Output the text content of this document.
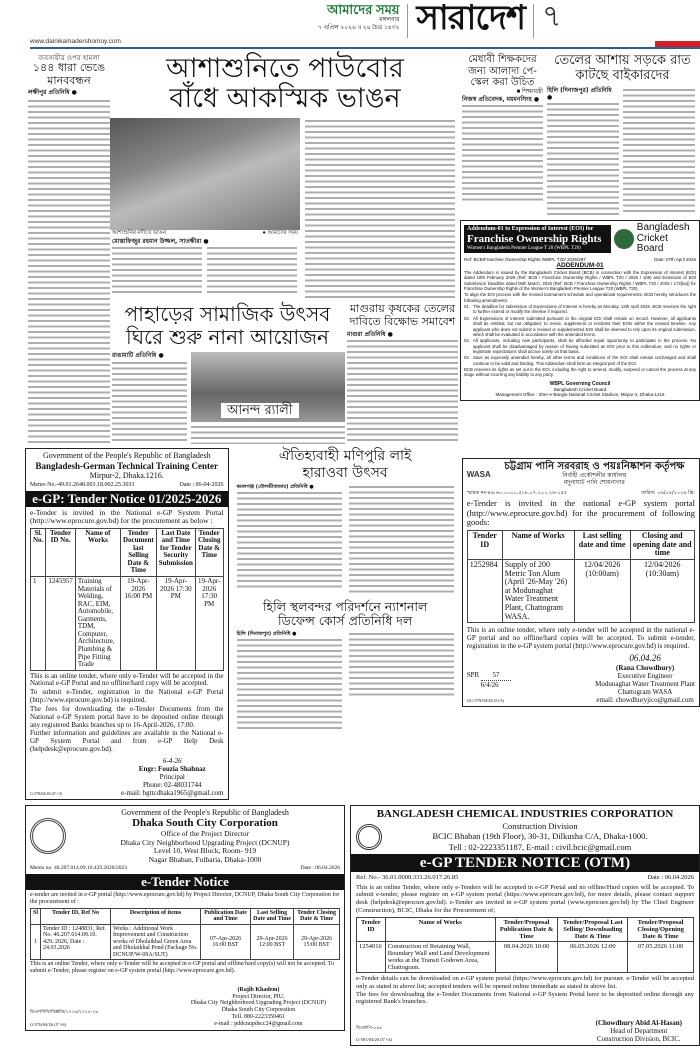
আমাদের সময়
মঙ্গলবার
৭ এপ্রিল ২০২৬ ॥ ২৪ চৈত্র ১৪৩২ সারাদেশ ৭
www.dainikamadershomoy.com
ব্যবসায়ীর ওপর হামলা
১৪৪ ধারা ভেঙে মানববন্ধন
লক্ষীপুর প্রতিনিধি ●
আশাশুনিতে পাউবোর
বাঁধে আকস্মিক ভাঙন
আশাশুনির নদীতে ভাঙন	● আমাদের সময়
মোস্তাফিজুর রহমান উজ্জল, সাতক্ষীরা ●
পাহাড়ের সামাজিক উৎসব
ঘিরে শুরু নানা আয়োজন
রাঙামাটি প্রতিনিধি ●
আনন্দ র‍্যালী
মাগুরায় কৃষকের তেলের দাবিতে বিক্ষোভ সমাবেশ
মাগুরা প্রতিনিধি ●
মেধাবী শিক্ষকদের জন্য আলাদা পে-স্কেল করা উচিত
■ শিক্ষামন্ত্রী
নিজস্ব প্রতিবেদক, ময়মনসিংহ ●
তেলের আশায় সড়কে রাত কাটছে বাইকারদের
হিলি (দিনাজপুর) প্রতিনিধি ●
Addendum-01 to Expression of Interest (EOI) for
Franchise Ownership Rights
Women's Bangladesh Premier League T 20 (WBPL T20)
Bangladesh
Cricket Board
Ref: BCB/Franchise Ownership Rights /WBPL T20/ 2026/287	Date: 07th April 2026
ADDENDUM-01

The Addendum is issued by the Bangladesh Cricket Board (BCB) in connection with the Expression of Interest (EOI) dated 18th February 2026 (Ref: BCB / Franchise Ownership Rights / WBPL T20 / 2026 / 109) and Extension of EOI Submission Deadline dated 06th March, 2026 (Ref: BCB / Franchise Ownership Rights / WBPL T20 / 2026 / 172(ka)) for Franchise Ownership Rights of the Women's Bangladesh Premier League T20 (WBPL T20).

To align the EOI process with the revised tournament schedule and operational requirements, BCB hereby introduces the following amendments:

01. The deadline for submission of Expressions of Interest is hereby as Monday, 13th April 2026. BCB reserves the right to further extend or modify the timeline if required.
02. All Expressions of Interest submitted pursuant to the original EOI shall remain on record. However, all applicants shall be entitled, but not obligated, to revise, supplement or resubmit their EOIs within the revised timeline. Any applicant who does not submit a revised or supplemented EOI shall be deemed to rely upon its original submission, which shall be evaluated in accordance with the amended terms.
03. All applicants, including new participants, shall be afforded equal opportunity to participate in the process. No applicant shall be disadvantaged by reason of having submitted an EOI prior to this Addendum, and no rights or legitimate expectations shall accrue solely on that basis.
04. Save as expressly amended hereby, all other terms and conditions of the EOI shall remain unchanged and shall continue to be valid and binding. This Addendum shall form an integral part of the EOI.

BCB reserves its rights as set out in the EOI, including the right to amend, modify, suspend or cancel the process at any stage without incurring any liability to any party.

WBPL Governing Council
Bangladesh Cricket Board
Management Office : Sher-e-Bangla National Cricket Stadium, Mirpur-2, Dhaka-1216
Government of the People's Republic of Bangladesh
Bangladesh-German Technical Training Center
Mirpur-2, Dhaka.1216.
Memo No.-49.01.2648.003.18.002.25.3033	Date : 06-04-2026
e-GP: Tender Notice 01/2025-2026

e-Tender is invited in the National e-GP System Portal (http://www.eprocure.gov.bd) for the procurement as below :

Sl. No.	Tender ID No.	Name of Works	Tender Document last Selling Date & Time	Last Date and Time for Tender Security Submission	Tender Closing Date & Time
1	1245957	Training Materials of Welding, RAC, EIM, Automobile, Garments, TDM, Computer, Architecture, Plumbing & Pipe Fitting Trade	19-Apr-2026 16:00 PM	19-Apr-2026 17:30 PM	19-Apr-2026 17:30 PM

This is an online tender, where only e-Tender will be accepted in the National e-GP Portal and no offline/hard copy will be accepted.

To submit e-Tender, registration in the National e-GP Portal (http://www.eprocure.gov.bd) is required.

The fees for downloading the e-Tender Documents from the National e-GP System portal have to be deposited online through any registered Banks branches up to 16-April-2026, 17:00.

Further information and guidelines are available in the National e-GP System Portal and from e-GP Help Desk (helpdesk@eprocure.gov.bd).

G-578/04/26 (6"×3)
6-4-26
Engr: Fouzia Shahnaz
Principal
Phone: 02-48031744
e-mail: bgttcdhaka1965@gmail.com
ঐতিহ্যবাহী মণিপুরি লাই
হারাওবা উৎসব
কমলগঞ্জ (মৌলভীবাজার) প্রতিনিধি ●
হিলি স্থলবন্দর পরিদর্শনে ন্যাশনাল
ডিফেন্স কোর্স প্রতিনিধি দল
হিলি (দিনাজপুর) প্রতিনিধি ●
WASA
চট্টগ্রাম পানি সরবরাহ ও পয়ঃনিষ্কাশন কর্তৃপক্ষ
নির্বাহী প্রকৌশলীর কার্যালয়
মদুনাঘাট পানি শোধনাগার
স্মারক নং-৪৬.৬০.০০০০.৫১৮.০৭.২০১.২৬-১৫৫	তারিখ: ০৬/০৪/২০২৬ খ্রি:

e-Tender is invited in the national e-GP system portal (http://www.eprocure.gov.bd) for the procurement of following goods:

Tender ID	Name of Works	Last selling date and time	Closing and opening date and time
1252984	Supply of 200 Metric Ton Alum (April '26-May '26) at Modunaghat Water Treatment Plant, Chattogram WASA.	12/04/2026 (10:00am)	12/04/2026 (10:30am)

This is an online tender, where only e-tender will be accepted in the national e-GP portal and no offline/hard copies will be accepted. To submit e-tender, registration in the e-GP system portal (http://www.eprocure.gov.bd) is required.

SPR 57
6/4/26
GC-579/04/26 (5×3)
06.04.26
(Rana Chowdhury)
Executive Engineer
Modunaghat Water Treatment Plant
Chattogram WASA
email: chowdhuryjico@gmail.com
Government of the People's Republic of Bangladesh
Dhaka South City Corporation
Office of the Project Director
Dhaka City Neighborhood Upgrading Project (DCNUP)
Level 10, West Block, Room- 919
Nagar Bhaban, Fulbaria, Dhaka-1000
Memo no. 46.207.014.09.10.429.2026/2023	Date : 06.04.2026
e-Tender Notice

e-tender are invited in e-GP portal (http://www.eprocure.gov.bd) by Project Director, DCNUP, Dhaka South City Corporation for the procurement of :

Sl	Tender ID, Ref No	Description of items	Publication Date and Time	Last Selling Date and Time	Tender Closing Date & Time
1	Tender ID : 1248831, Ref. No. 46.207.014.09.10. 429. 2026, Date : 24.03.2026	Works : Additional Work Improvement and Construction works of Dholaikhal Green Area and Dholaikhal Pond (Package No. DCNUP/W-09A/SUT)	07-Apr-2026 16:00 BST	29-Apr-2026 12:00 BST	29-Apr-2026 15:00 BST

This is an online Tender, where only e-Tender will be accepted in e-GP portal and offline/hard copy(s) will not be accepted. To submit e-Tender, please register on e-GP system portal (http://www.eprocure.gov.bd).

ডিএসসিসি/বিজ্ঞপ্তি/১০১৬/২০২৫-২৬
G-576/04/26 (5"×6)
(Rajib Khadem)
Project Director, PIU,
Dhaka City Neighborhood Upgrading Project (DCNUP)
Dhaka South City Corporation
Tell. 880-2223350461
e-mail : pddcnupdscc24@gmail.com
BANGLADESH CHEMICAL INDUSTRIES CORPORATION
Construction Division
BCIC Bhaban (19th Floor), 30-31, Dilkusha C/A, Dhaka-1000.
Tell : 02-2223351187, E-mail : civil.bcic@gmail.com
e-GP TENDER NOTICE (OTM)
Ref. No.- 36.01.0000.331.26.017.26.85	Date : 06.04.2026

This is an online Tender, where only e-Tenders will be accepted in e-GP Portal and no offline/Hard copies will be accepted. To submit e-tender, please register on e-GP system portal (https://www.eprocure.gov.bd), for more details, please contact support desk (helpdesk@eprocure.gov.bd). e-Tender are invited in e-GP system portal (www.eprocure.gov.bd) by The Chief Engineer (Construction), BCIC, Dhaka for the Procurement of;

Tender ID	Name of Works	Tender/Proposal Publication Date & Time	Tender/Proposal Last Selling/ Downloading Date & Time	Tender/Proposal Closing/Opening Date & Time
1254016	Construction of Retaining Wall, Boundary Wall and Land Development works at the Transit Godown Area, Chattogram.	08.04.2026 10:00	06.05.2026 12:00	07.05.2026 11:00

e-Tender details can be downloaded on e-GP system portal (https://www.eprocure.gov.bd) for pursuer. e-Tender will be accepted only as stated in above list; accepted tenders will be opened online immediate as stated in above list.

The fees for downloading the e-Tender Documents from National e-GP System Portal have to be deposited online through any registered Bank's branches.

ডিএফপি-৫৪৪
G-581/04/26 (5"×4)
(Chowdhury Abid Al-Hasan)
Head of Department
Construction Division, BCIC.
